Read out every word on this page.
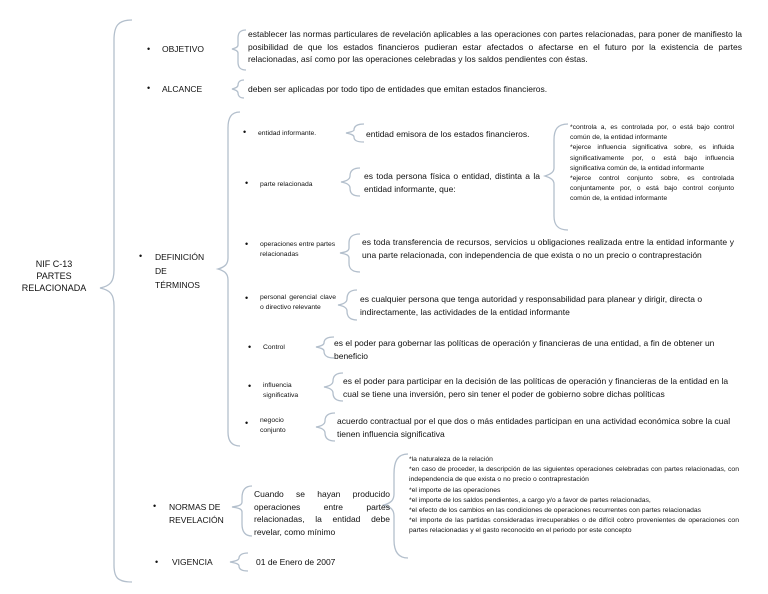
NIF C-13
PARTES
RELACIONADA
• OBJETIVO
establecer las normas particulares de revelación aplicables a las operaciones con partes relacionadas, para poner de manifiesto la posibilidad de que los estados financieros pudieran estar afectados o afectarse en el futuro por la existencia de partes relacionadas, así como por las operaciones celebradas y los saldos pendientes con éstas.
• ALCANCE	deben ser aplicadas por todo tipo de entidades que emitan estados financieros.
• DEFINICIÓN
DE
TÉRMINOS
• entidad informante.	entidad emisora de los estados financieros.
• parte relacionada
es toda persona física o entidad, distinta a la entidad informante, que:
*controla a, es controlada por, o está bajo control común de, la entidad informante
*ejerce influencia significativa sobre, es influida significativamente por, o está bajo influencia significativa común de, la entidad informante
*ejerce control conjunto sobre, es controlada conjuntamente por, o está bajo control conjunto común de, la entidad informante
• operaciones entre partes relacionadas
es toda transferencia de recursos, servicios u obligaciones realizada entre la entidad informante y una parte relacionada, con independencia de que exista o no un precio o contraprestación
• personal gerencial clave o directivo relevante
es cualquier persona que tenga autoridad y responsabilidad para planear y dirigir, directa o indirectamente, las actividades de la entidad informante
• Control	es el poder para gobernar las políticas de operación y financieras de una entidad, a fin de obtener un beneficio
• influencia significativa
es el poder para participar en la decisión de las políticas de operación y financieras de la entidad en la cual se tiene una inversión, pero sin tener el poder de gobierno sobre dichas políticas
• negocio conjunto
acuerdo contractual por el que dos o más entidades participan en una actividad económica sobre la cual tienen influencia significativa
• NORMAS DE
REVELACIÓN
Cuando se hayan producido operaciones entre partes relacionadas, la entidad debe revelar, como mínimo
*la naturaleza de la relación
*en caso de proceder, la descripción de las siguientes operaciones celebradas con partes relacionadas, con independencia de que exista o no precio o contraprestación
*el importe de las operaciones
*el importe de los saldos pendientes, a cargo y/o a favor de partes relacionadas,
*el efecto de los cambios en las condiciones de operaciones recurrentes con partes relacionadas
*el importe de las partidas consideradas irrecuperables o de difícil cobro provenientes de operaciones con partes relacionadas y el gasto reconocido en el periodo por este concepto
• VIGENCIA	01 de Enero de 2007
